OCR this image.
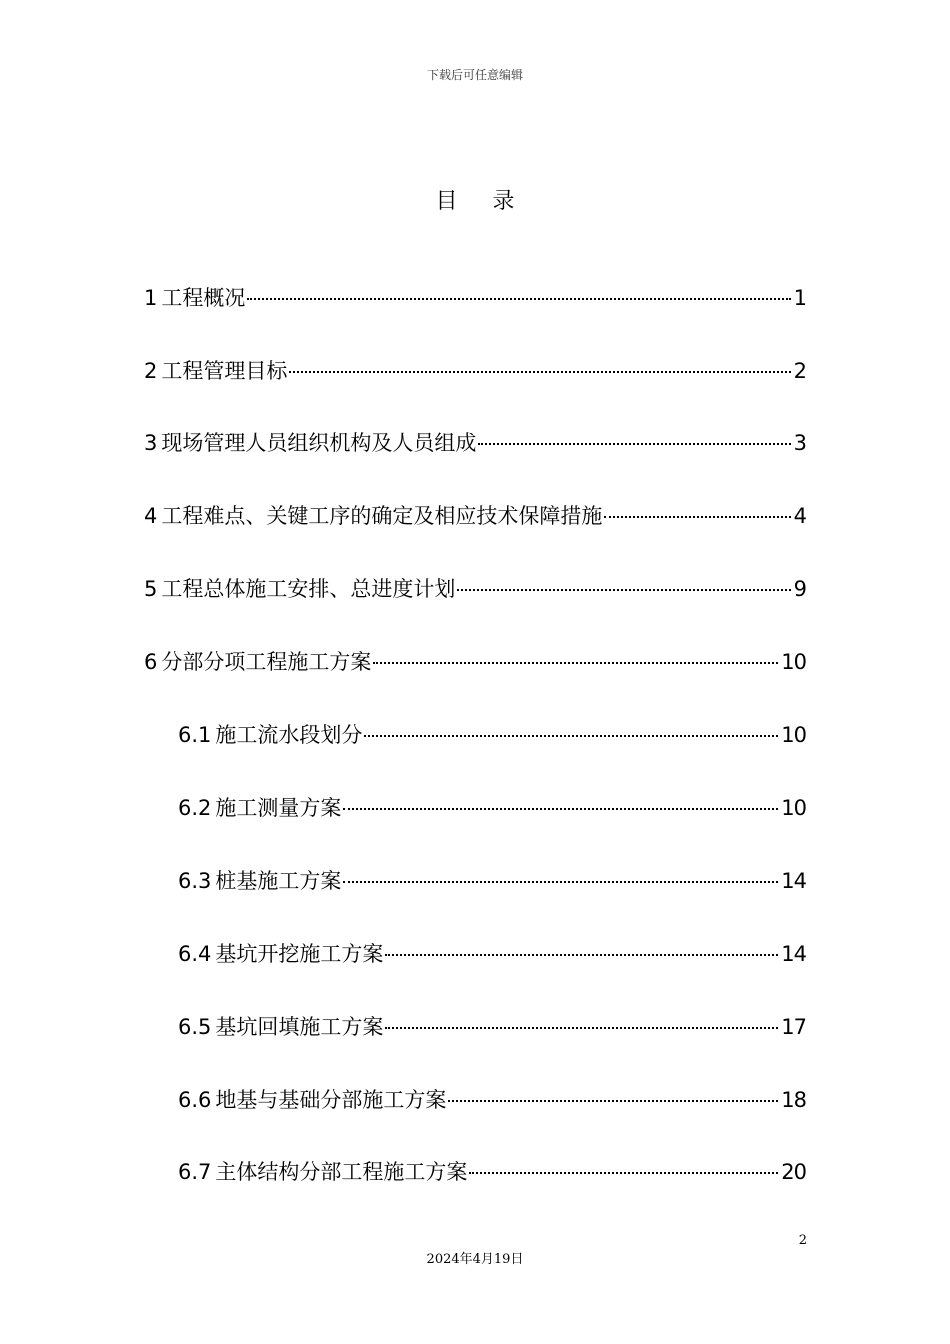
下载后可任意编辑
目 录
1 工程概况	1
2 工程管理目标	2
3 现场管理人员组织机构及人员组成	3
4 工程难点、关键工序的确定及相应技术保障措施	4
5 工程总体施工安排、总进度计划	9
6 分部分项工程施工方案	10
6.1 施工流水段划分	10
6.2 施工测量方案	10
6.3 桩基施工方案	14
6.4 基坑开挖施工方案	14
6.5 基坑回填施工方案	17
6.6 地基与基础分部施工方案	18
6.7 主体结构分部工程施工方案	20
2
2024年4月19日
